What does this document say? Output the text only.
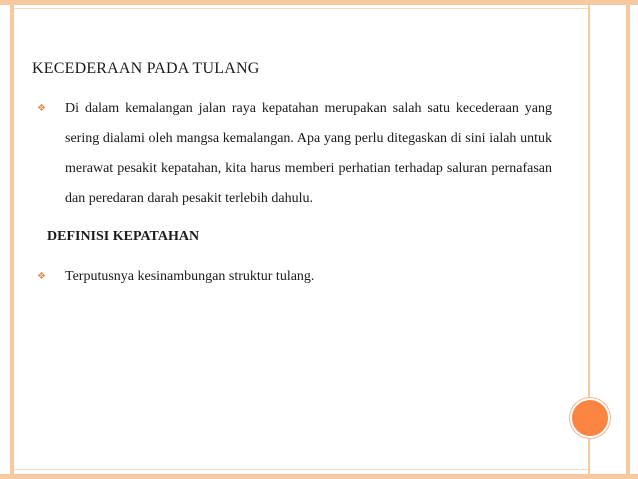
KECEDERAAN PADA TULANG

❖ Di dalam kemalangan jalan raya kepatahan merupakan salah satu kecederaan yang sering dialami oleh mangsa kemalangan. Apa yang perlu ditegaskan di sini ialah untuk merawat pesakit kepatahan, kita harus memberi perhatian terhadap saluran pernafasan dan peredaran darah pesakit terlebih dahulu.

DEFINISI KEPATAHAN

❖ Terputusnya kesinambungan struktur tulang.
